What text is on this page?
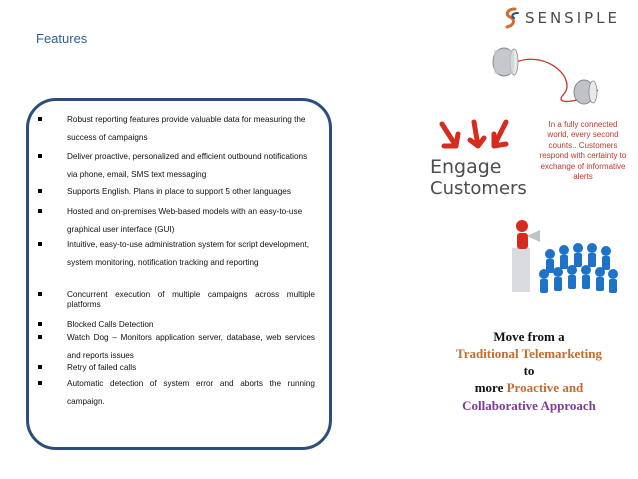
Features
SENSIPLE
Robust reporting features provide valuable data for measuring the success of campaigns
Deliver proactive, personalized and efficient outbound notifications via phone, email, SMS text messaging
Supports English. Plans in place to support 5 other languages
Hosted and on-premises Web-based models with an easy-to-use graphical user interface (GUI)
Intuitive, easy-to-use administration system for script development, system monitoring, notification tracking and reporting
Concurrent execution of multiple campaigns across multiple platforms
Blocked Calls Detection
Watch Dog – Monitors application server, database, web services and reports issues
Retry of failed calls
Automatic detection of system error and aborts the running campaign.
Engage
Customers
In a fully connected world, every second counts.. Customers respond with certainty to exchange of informative alerts
Move from a
Traditional Telemarketing
to
more Proactive and
Collaborative Approach
